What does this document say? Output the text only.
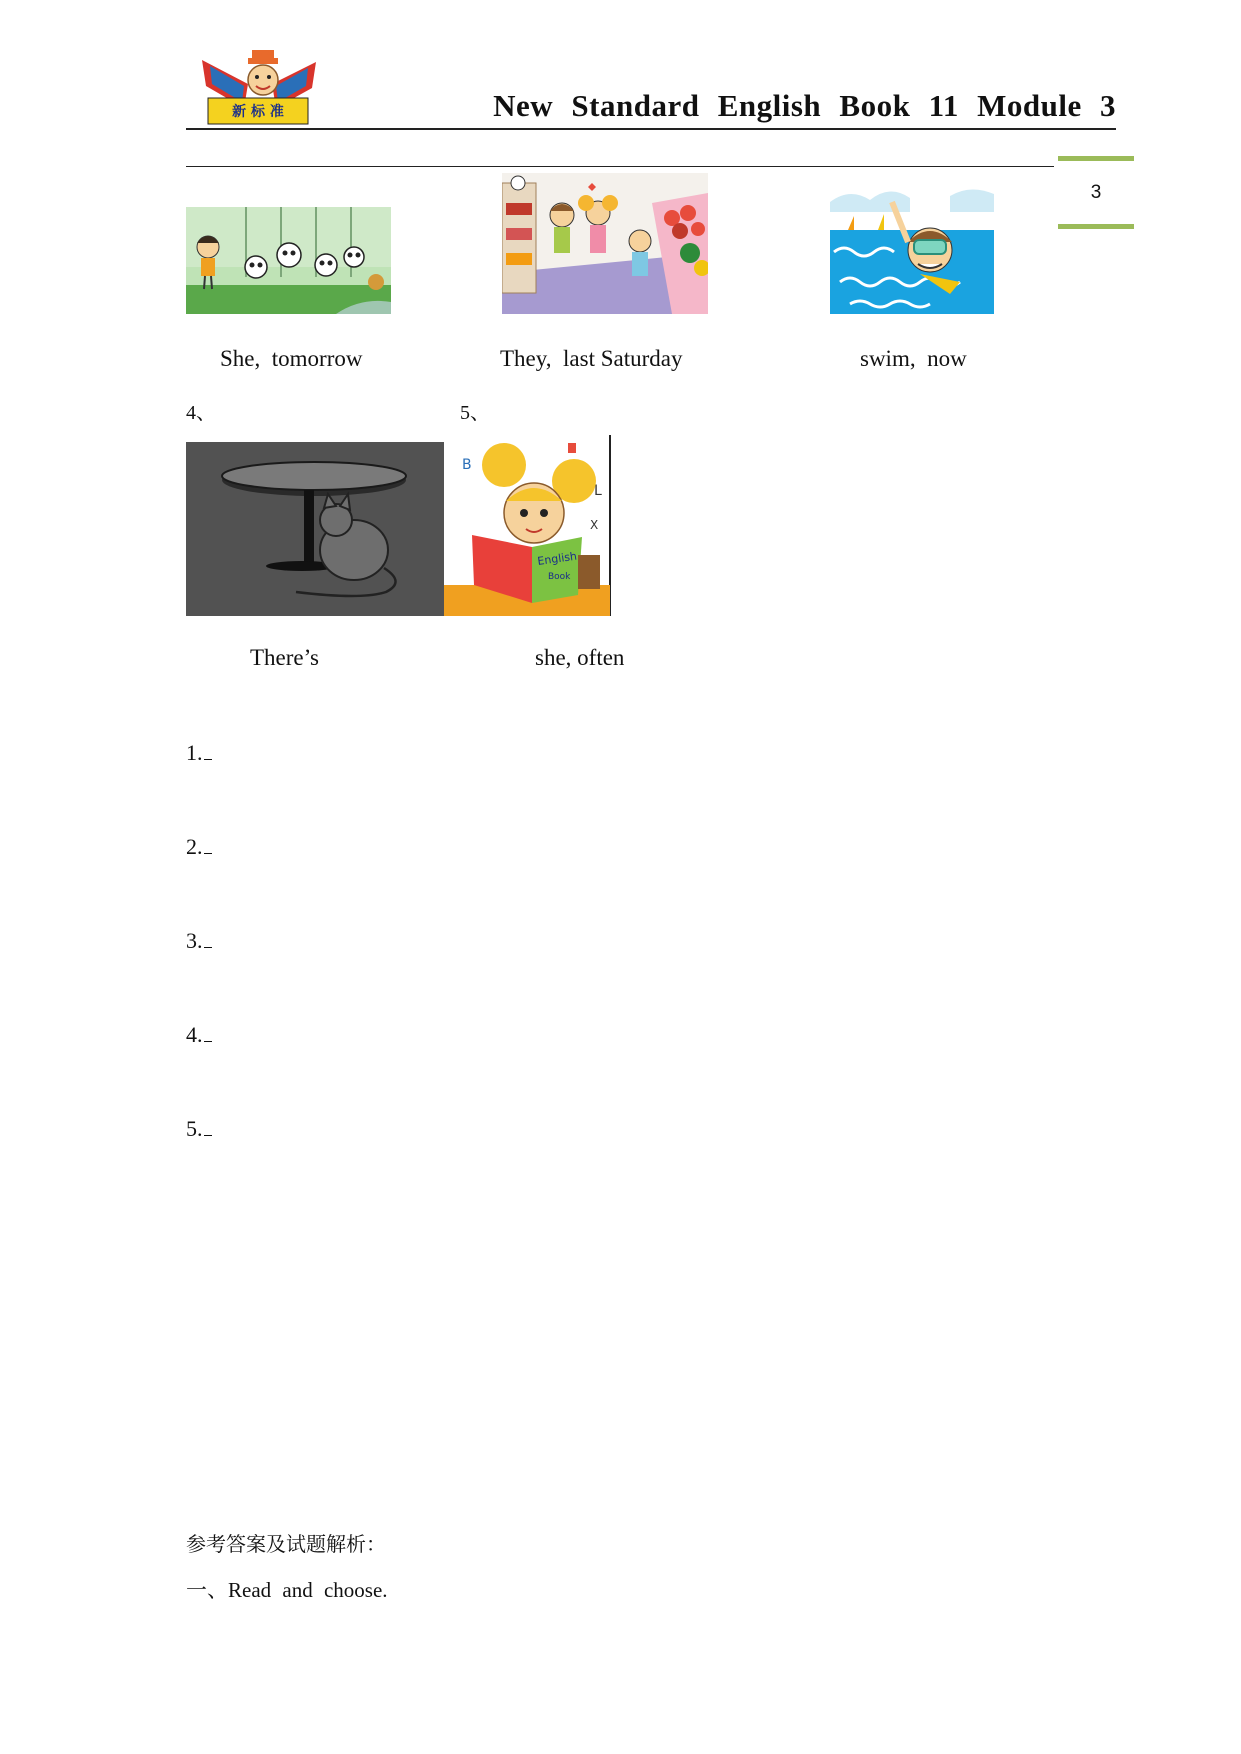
新 标 准	New Standard English Book 11 Module 3
3
She,  tomorrow	They,  last Saturday	swim,  now
4、	5、
B
L
X
English
Book
There’s	she, often
1.
2.
3.
4.
5.
参考答案及试题解析：
一、Read and choose.
